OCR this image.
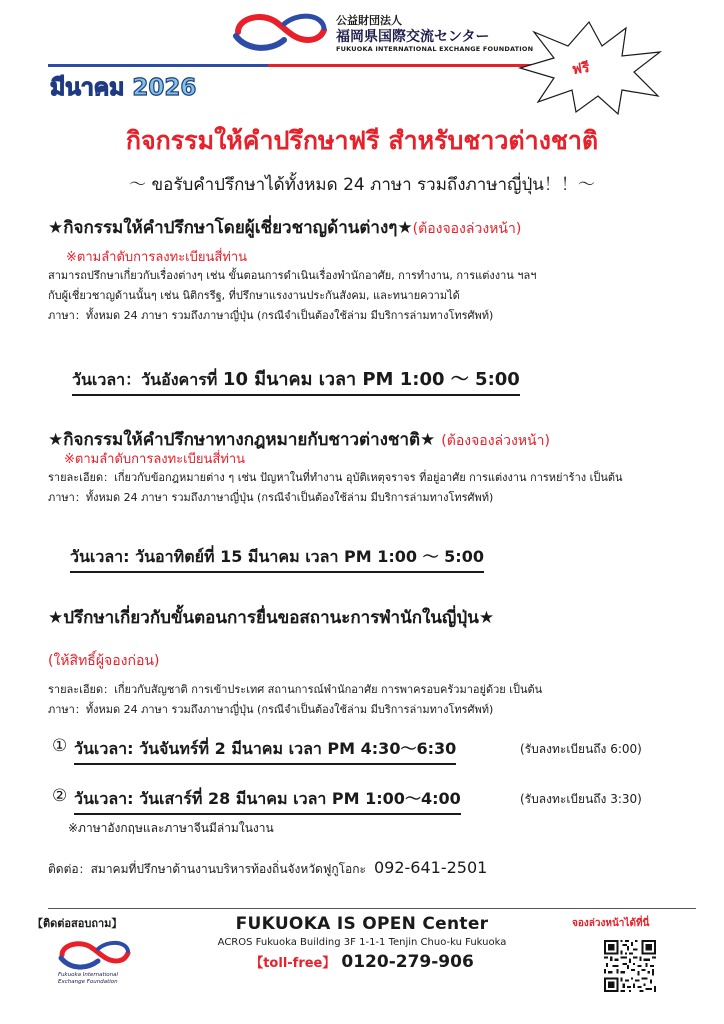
公益財団法人
福岡県国際交流センター
FUKUOKA INTERNATIONAL EXCHANGE FOUNDATION
มีนาคม 2026
ฟรี
กิจกรรมให้คำปรึกษาฟรี สำหรับชาวต่างชาติ
～ ขอรับคำปรึกษาได้ทั้งหมด 24 ภาษา รวมถึงภาษาญี่ปุ่น！！～
★กิจกรรมให้คำปรึกษาโดยผู้เชี่ยวชาญด้านต่างๆ★(ต้องจองล่วงหน้า)
※ตามลำดับการลงทะเบียนสี่ท่าน
สามารถปรึกษาเกี่ยวกับเรื่องต่างๆ เช่น ขั้นตอนการดำเนินเรื่องพำนักอาศัย, การทำงาน, การแต่งงาน ฯลฯ
กับผู้เชี่ยวชาญด้านนั้นๆ เช่น นิติกรรีฐ, ที่ปรึกษาแรงงานประกันสังคม, และทนายความได้
ภาษา：ทั้งหมด 24 ภาษา รวมถึงภาษาญี่ปุ่น (กรณีจำเป็นต้องใช้ล่าม มีบริการล่ามทางโทรศัพท์)
วันเวลา：วันอังคารที่ 10 มีนาคม เวลา PM 1:00 ～ 5:00
★กิจกรรมให้คำปรึกษาทางกฎหมายกับชาวต่างชาติ★ (ต้องจองล่วงหน้า)
※ตามลำดับการลงทะเบียนสี่ท่าน
รายละเอียด：เกี่ยวกับข้อกฎหมายต่าง ๆ เช่น ปัญหาในที่ทำงาน อุบัติเหตุจราจร ที่อยู่อาศัย การแต่งงาน การหย่าร้าง เป็นต้น
ภาษา：ทั้งหมด 24 ภาษา รวมถึงภาษาญี่ปุ่น (กรณีจำเป็นต้องใช้ล่าม มีบริการล่ามทางโทรศัพท์)
วันเวลา: วันอาทิตย์ที่ 15 มีนาคม เวลา PM 1:00 ～ 5:00
★ปรึกษาเกี่ยวกับขั้นตอนการยื่นขอสถานะการพำนักในญี่ปุ่น★
(ให้สิทธิ์ผู้จองก่อน)
รายละเอียด：เกี่ยวกับสัญชาติ การเข้าประเทศ สถานการณ์พำนักอาศัย การพาครอบครัวมาอยู่ด้วย เป็นต้น
ภาษา：ทั้งหมด 24 ภาษา รวมถึงภาษาญี่ปุ่น (กรณีจำเป็นต้องใช้ล่าม มีบริการล่ามทางโทรศัพท์)
① วันเวลา: วันจันทร์ที่ 2 มีนาคม เวลา PM 4:30～6:30	(รับลงทะเบียนถึง 6:00)
② วันเวลา: วันเสาร์ที่ 28 มีนาคม เวลา PM 1:00～4:00	(รับลงทะเบียนถึง 3:30)
※ภาษาอังกฤษและภาษาจีนมีล่ามในงาน
ติดต่อ：สมาคมที่ปรึกษาด้านงานบริหารท้องถิ่นจังหวัดฟูกูโอกะ 092-641-2501
【ติดต่อสอบถาม】
Fukuoka International
Exchange Foundation
FUKUOKA IS OPEN Center
ACROS Fukuoka Building 3F 1-1-1 Tenjin Chuo-ku Fukuoka
【toll-free】 0120-279-906
จองล่วงหน้าได้ที่นี่
